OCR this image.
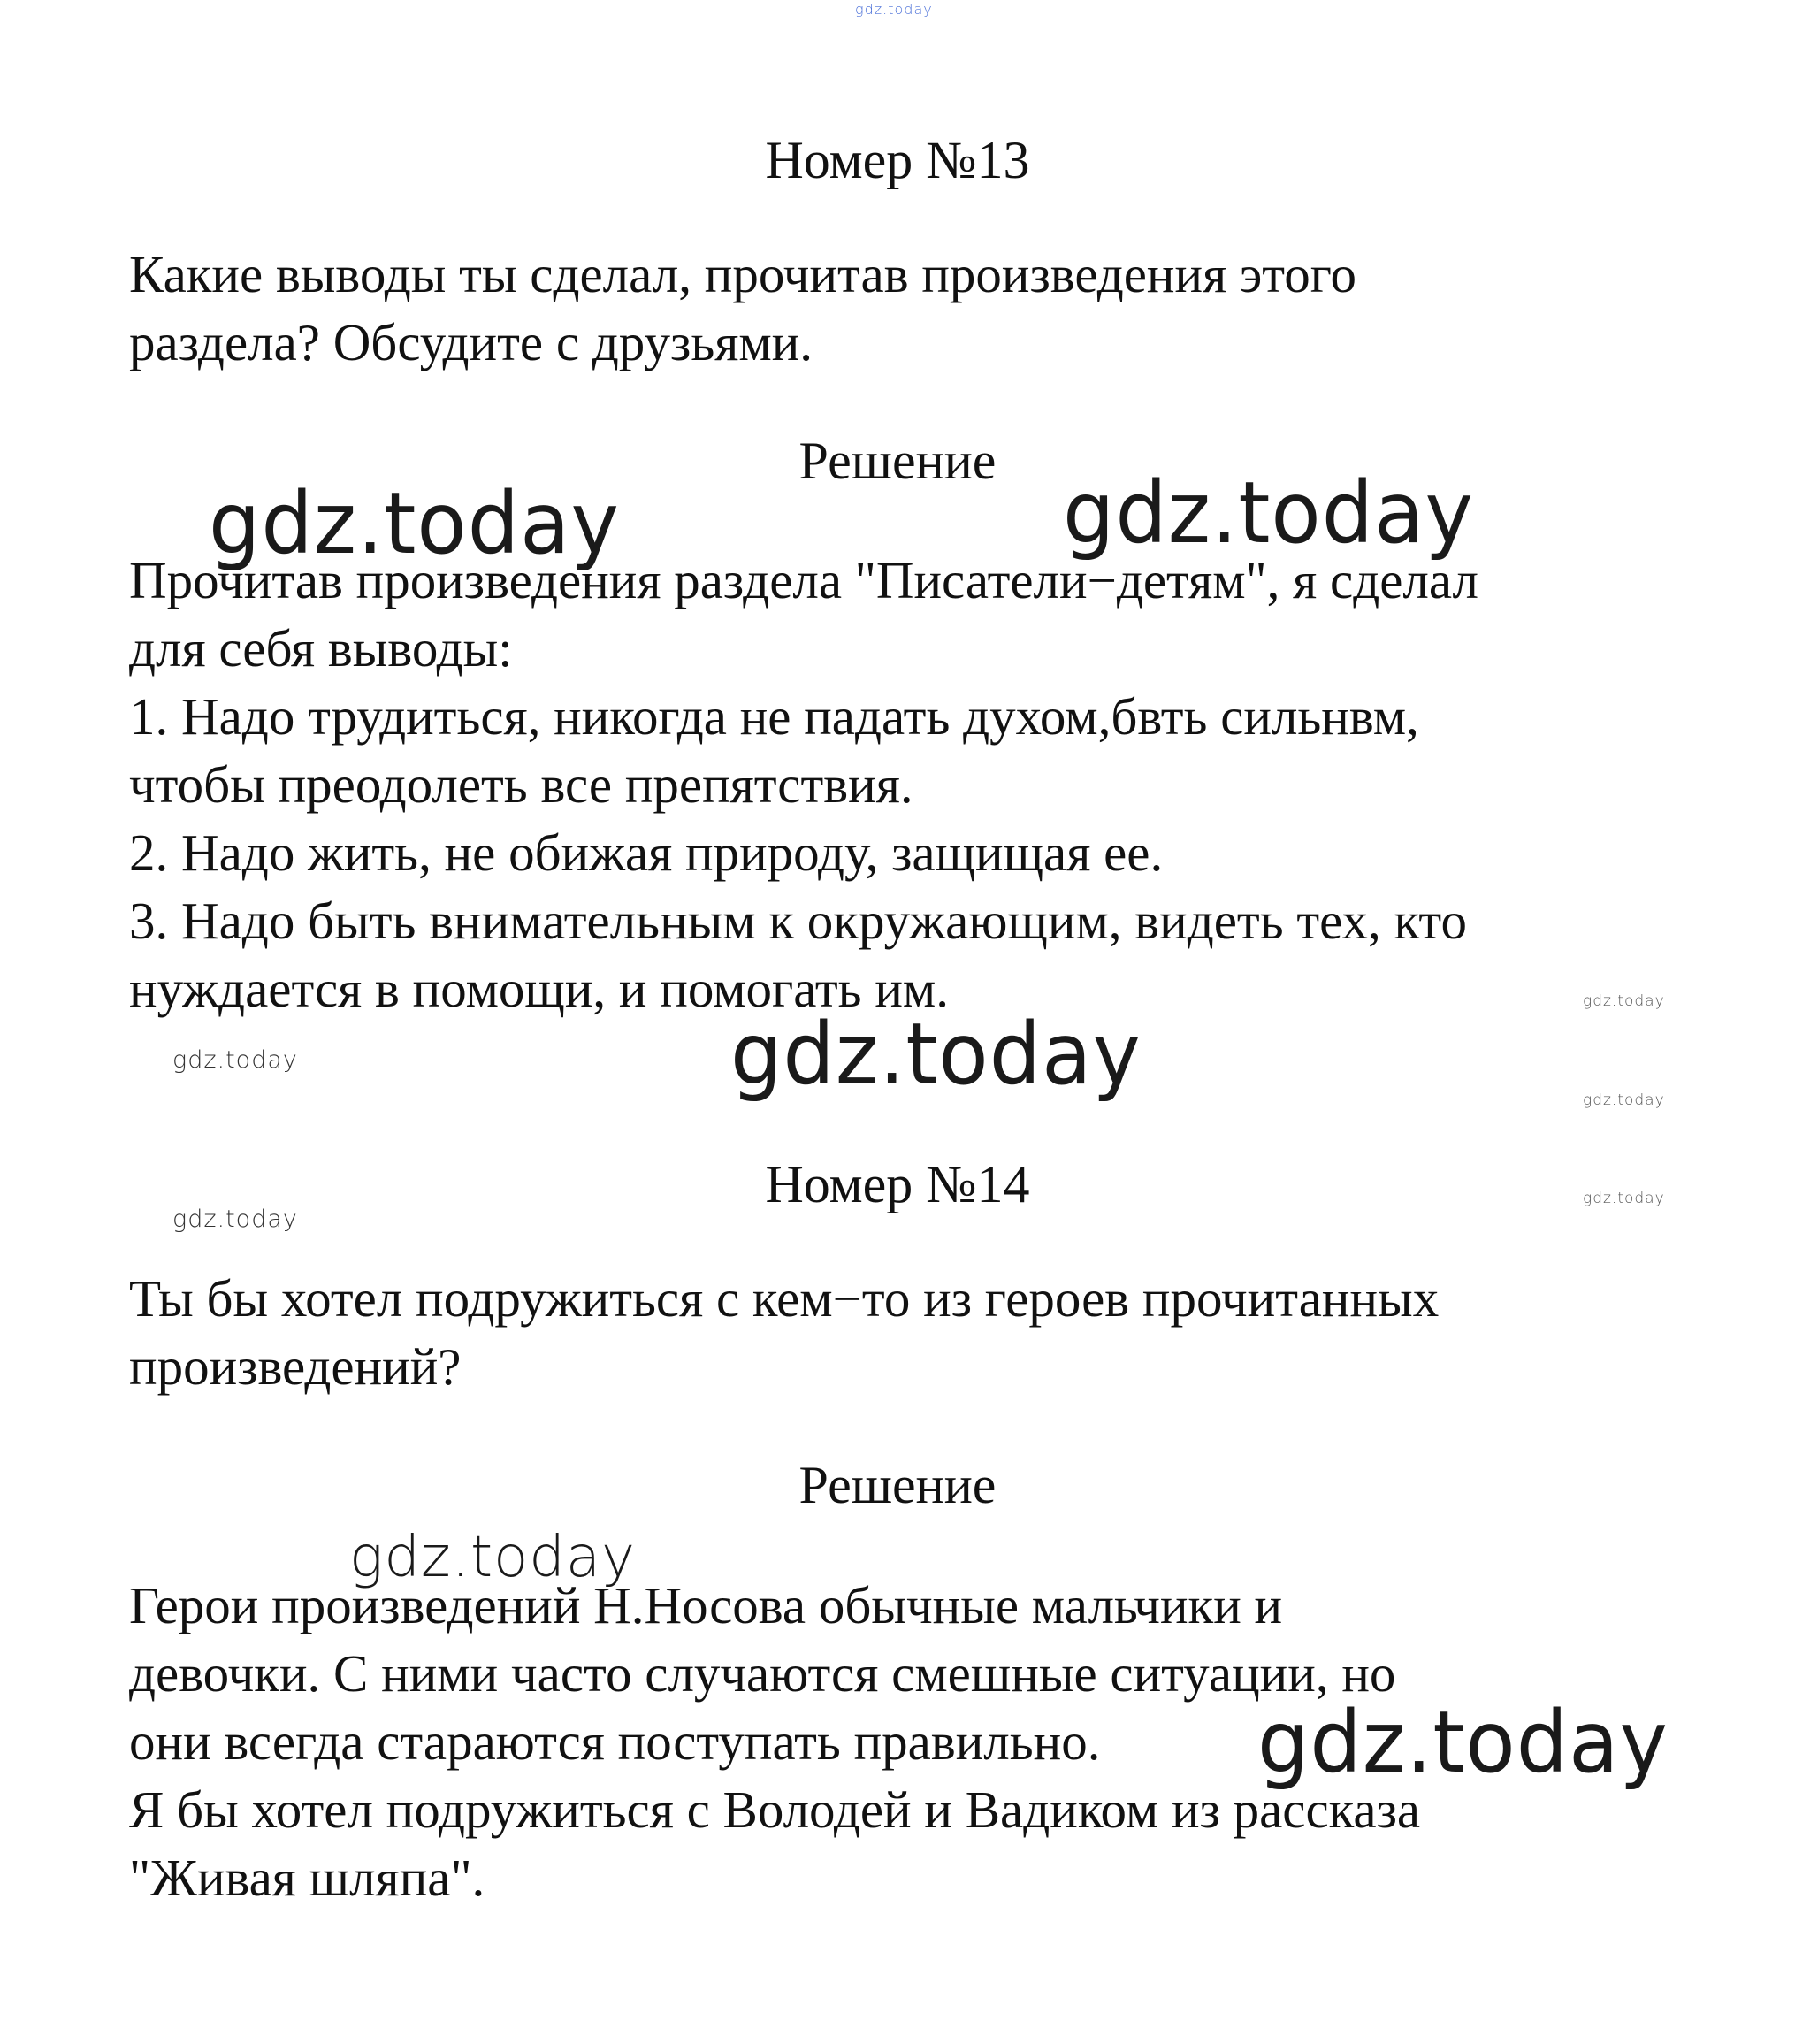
gdz.today
Номер №13
Какие выводы ты сделал, прочитав произведения этого
раздела? Обсудите с друзьями.
Решение
gdz.today	gdz.today
Прочитав произведения раздела "Писатели−детям", я сделал
для себя выводы:
1. Надо трудиться, никогда не падать духом,бвть сильнвм,
чтобы преодолеть все препятствия.
2. Надо жить, не обижая природу, защищая ее.
3. Надо быть внимательным к окружающим, видеть тех, кто
нуждается в помощи, и помогать им.	gdz.today
gdz.today
gdz.today
gdz.today
Номер №14	gdz.today
gdz.today
Ты бы хотел подружиться с кем−то из героев прочитанных
произведений?
Решение
gdz.today
Герои произведений Н.Носова обычные мальчики и
девочки. С ними часто случаются смешные ситуации, но
они всегда стараются поступать правильно.
Я бы хотел подружиться с Володей и Вадиком из рассказа
"Живая шляпа".
gdz.today
